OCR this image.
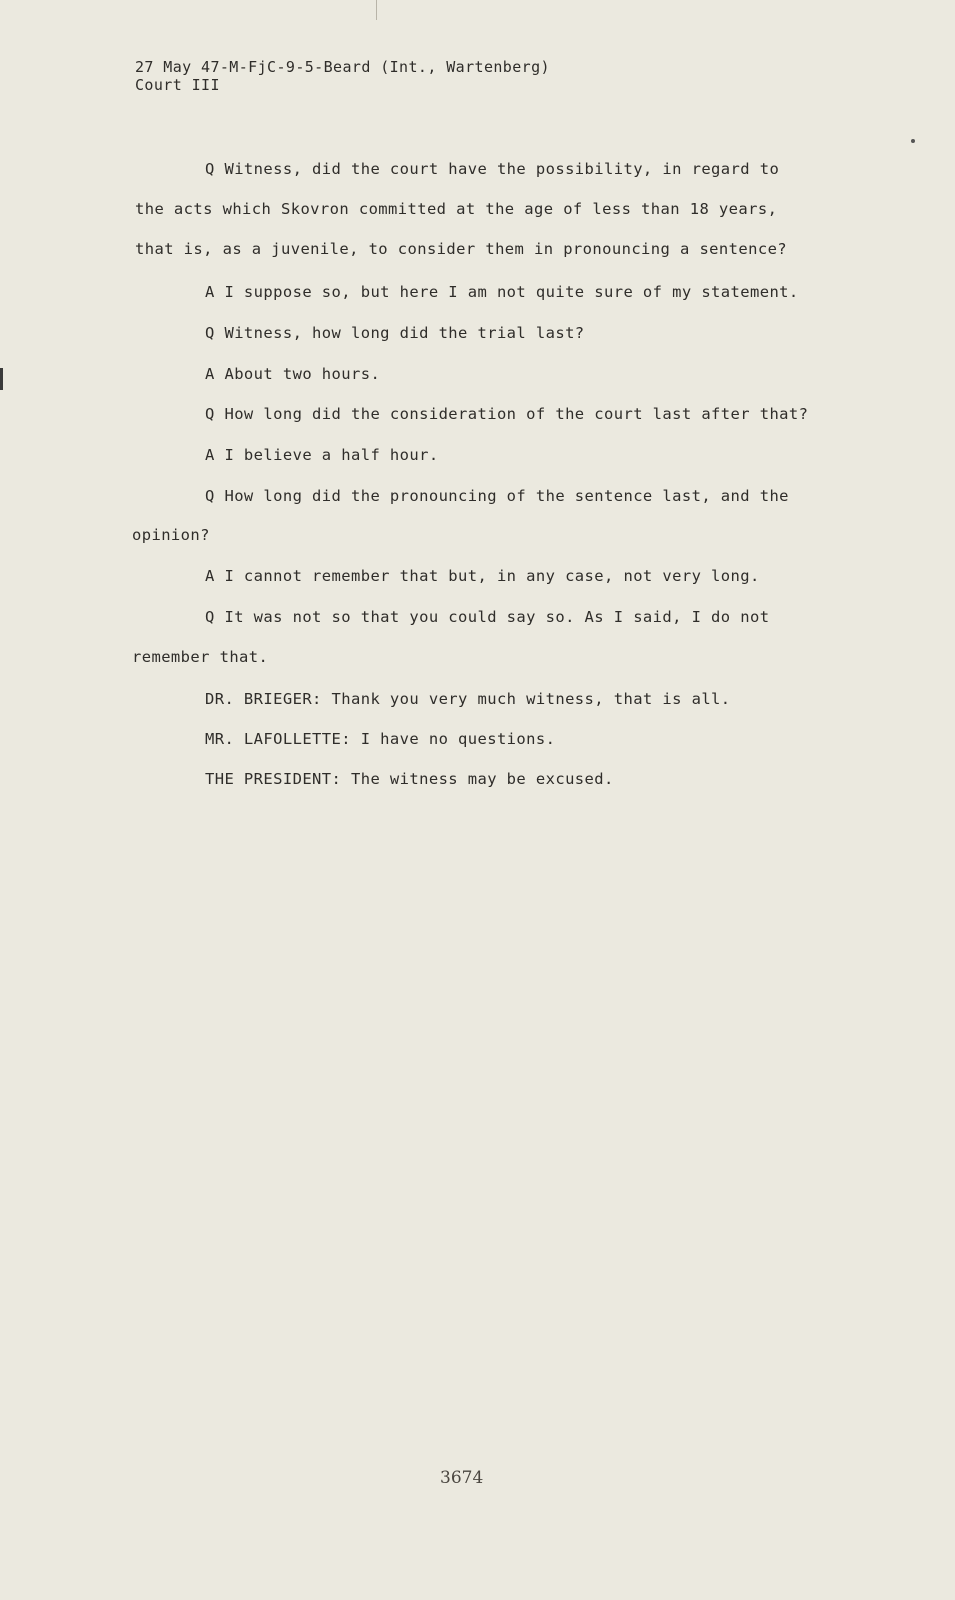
27 May 47-M-FjC-9-5-Beard (Int., Wartenberg)
Court III
Q Witness, did the court have the possibility, in regard to
the acts which Skovron committed at the age of less than 18 years,
that is, as a juvenile, to consider them in pronouncing a sentence?
A I suppose so, but here I am not quite sure of my statement.
Q Witness, how long did the trial last?
A About two hours.
Q How long did the consideration of the court last after that?
A I believe a half hour.
Q How long did the pronouncing of the sentence last, and the
opinion?
A I cannot remember that but, in any case, not very long.
Q It was not so that you could say so. As I said, I do not
remember that.
DR. BRIEGER: Thank you very much witness, that is all.
MR. LAFOLLETTE: I have no questions.
THE PRESIDENT: The witness may be excused.
3674
